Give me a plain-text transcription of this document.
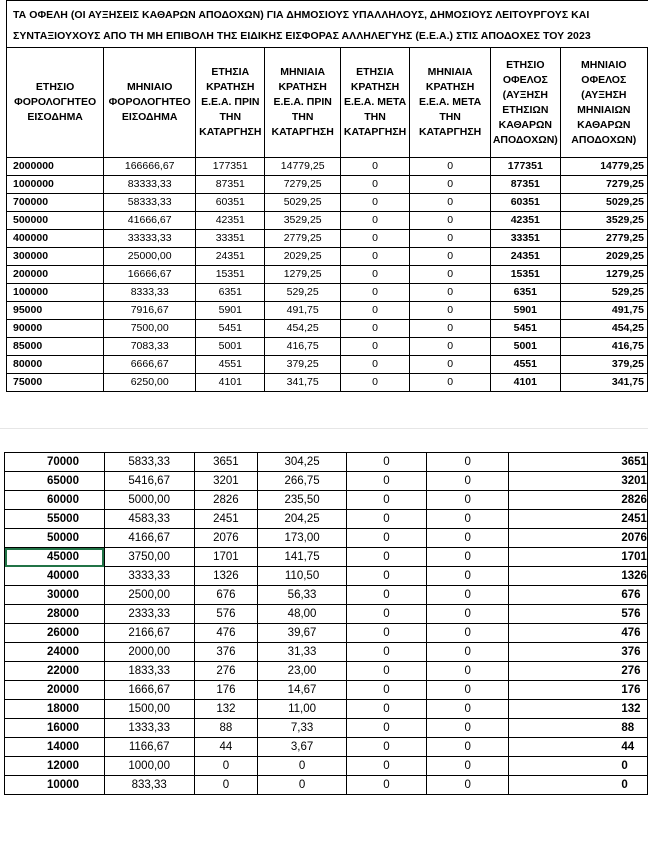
ΤΑ ΟΦΕΛΗ (ΟΙ ΑΥΞΗΣΕΙΣ ΚΑΘΑΡΩΝ ΑΠΟΔΟΧΩΝ) ΓΙΑ ΔΗΜΟΣΙΟΥΣ ΥΠΑΛΛΗΛΟΥΣ, ΔΗΜΟΣΙΟΥΣ ΛΕΙΤΟΥΡΓΟΥΣ ΚΑΙ
ΣΥΝΤΑΞΙΟΥΧΟΥΣ ΑΠΟ ΤΗ ΜΗ ΕΠΙΒΟΛΗ ΤΗΣ ΕΙΔΙΚΗΣ ΕΙΣΦΟΡΑΣ ΑΛΛΗΛΕΓΥΗΣ (Ε.Ε.Α.) ΣΤΙΣ ΑΠΟΔΟΧΕΣ ΤΟΥ 2023
ΕΤΗΣΙΟ ΦΟΡΟΛΟΓΗΤΕΟ ΕΙΣΟΔΗΜΑ	ΜΗΝΙΑΙΟ ΦΟΡΟΛΟΓΗΤΕΟ ΕΙΣΟΔΗΜΑ	ΕΤΗΣΙΑ ΚΡΑΤΗΣΗ Ε.Ε.Α. ΠΡΙΝ ΤΗΝ ΚΑΤΑΡΓΗΣΗ	ΜΗΝΙΑΙΑ ΚΡΑΤΗΣΗ Ε.Ε.Α. ΠΡΙΝ ΤΗΝ ΚΑΤΑΡΓΗΣΗ	ΕΤΗΣΙΑ ΚΡΑΤΗΣΗ Ε.Ε.Α. ΜΕΤΑ ΤΗΝ ΚΑΤΑΡΓΗΣΗ	ΜΗΝΙΑΙΑ ΚΡΑΤΗΣΗ Ε.Ε.Α. ΜΕΤΑ ΤΗΝ ΚΑΤΑΡΓΗΣΗ	ΕΤΗΣΙΟ ΟΦΕΛΟΣ (ΑΥΞΗΣΗ ΕΤΗΣΙΩΝ ΚΑΘΑΡΩΝ ΑΠΟΔΟΧΩΝ)	ΜΗΝΙΑΙΟ ΟΦΕΛΟΣ (ΑΥΞΗΣΗ ΜΗΝΙΑΙΩΝ ΚΑΘΑΡΩΝ ΑΠΟΔΟΧΩΝ)
2000000	166666,67	177351	14779,25	0	0	177351	14779,25
1000000	83333,33	87351	7279,25	0	0	87351	7279,25
700000	58333,33	60351	5029,25	0	0	60351	5029,25
500000	41666,67	42351	3529,25	0	0	42351	3529,25
400000	33333,33	33351	2779,25	0	0	33351	2779,25
300000	25000,00	24351	2029,25	0	0	24351	2029,25
200000	16666,67	15351	1279,25	0	0	15351	1279,25
100000	8333,33	6351	529,25	0	0	6351	529,25
95000	7916,67	5901	491,75	0	0	5901	491,75
90000	7500,00	5451	454,25	0	0	5451	454,25
85000	7083,33	5001	416,75	0	0	5001	416,75
80000	6666,67	4551	379,25	0	0	4551	379,25
75000	6250,00	4101	341,75	0	0	4101	341,75
70000	5833,33	3651	304,25	0	0	3651
65000	5416,67	3201	266,75	0	0	3201
60000	5000,00	2826	235,50	0	0	2826
55000	4583,33	2451	204,25	0	0	2451
50000	4166,67	2076	173,00	0	0	2076
45000	3750,00	1701	141,75	0	0	1701
40000	3333,33	1326	110,50	0	0	1326
30000	2500,00	676	56,33	0	0	676
28000	2333,33	576	48,00	0	0	576
26000	2166,67	476	39,67	0	0	476
24000	2000,00	376	31,33	0	0	376
22000	1833,33	276	23,00	0	0	276
20000	1666,67	176	14,67	0	0	176
18000	1500,00	132	11,00	0	0	132
16000	1333,33	88	7,33	0	0	88
14000	1166,67	44	3,67	0	0	44
12000	1000,00	0	0	0	0	0
10000	833,33	0	0	0	0	0
